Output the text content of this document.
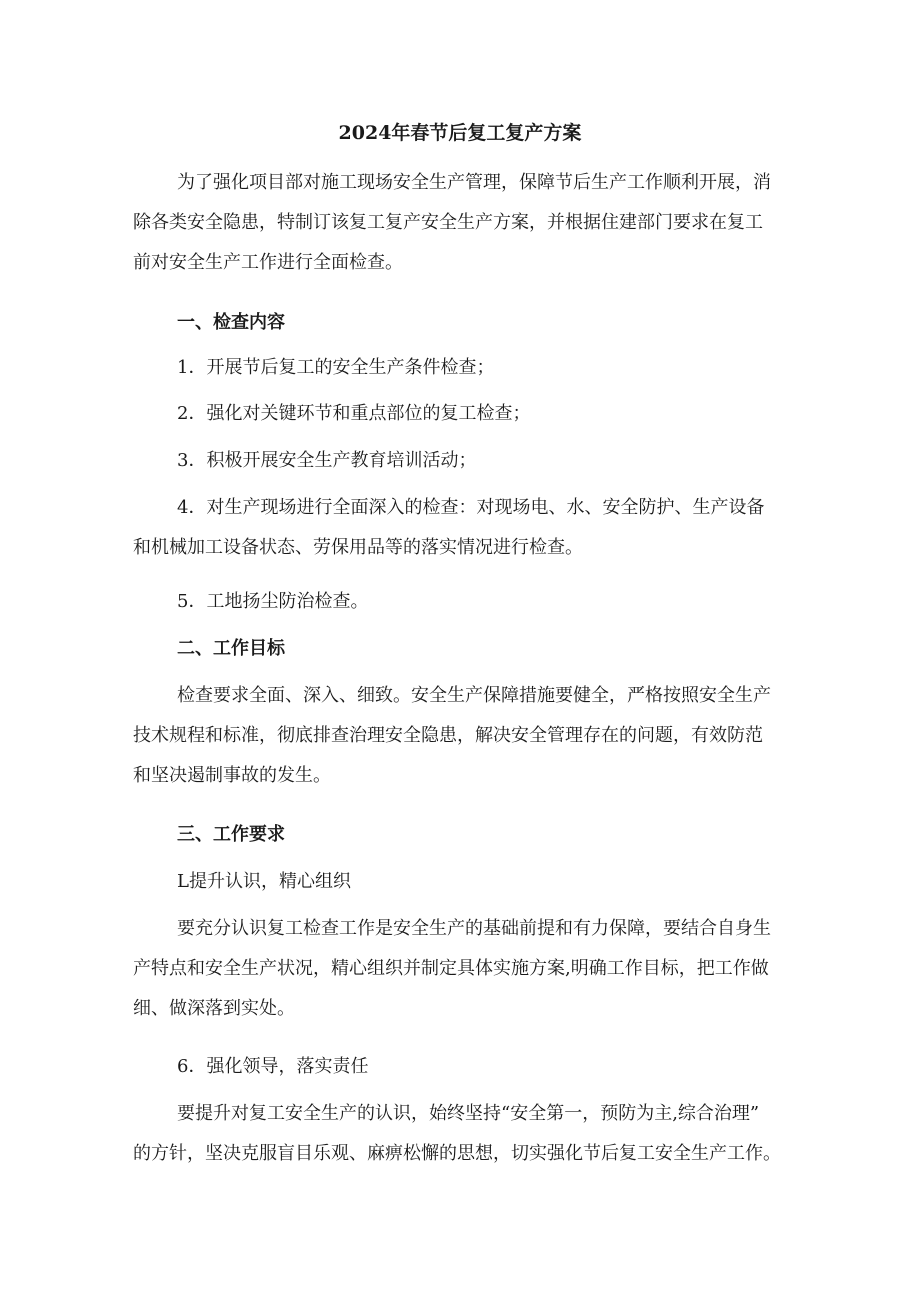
2024年春节后复工复产方案
为了强化项目部对施工现场安全生产管理，保障节后生产工作顺利开展，消
除各类安全隐患，特制订该复工复产安全生产方案，并根据住建部门要求在复工
前对安全生产工作进行全面检查。
一、检查内容
1．开展节后复工的安全生产条件检查；
2．强化对关键环节和重点部位的复工检查；
3．积极开展安全生产教育培训活动；
4．对生产现场进行全面深入的检查：对现场电、水、安全防护、生产设备
和机械加工设备状态、劳保用品等的落实情况进行检查。
5．工地扬尘防治检查。
二、工作目标
检查要求全面、深入、细致。安全生产保障措施要健全，严格按照安全生产
技术规程和标准，彻底排查治理安全隐患，解决安全管理存在的问题，有效防范
和坚决遏制事故的发生。
三、工作要求
L提升认识，精心组织
要充分认识复工检查工作是安全生产的基础前提和有力保障，要结合自身生
产特点和安全生产状况，精心组织并制定具体实施方案,明确工作目标，把工作做
细、做深落到实处。
6．强化领导，落实责任
要提升对复工安全生产的认识，始终坚持“安全第一，预防为主,综合治理”
的方针，坚决克服盲目乐观、麻痹松懈的思想，切实强化节后复工安全生产工作。
